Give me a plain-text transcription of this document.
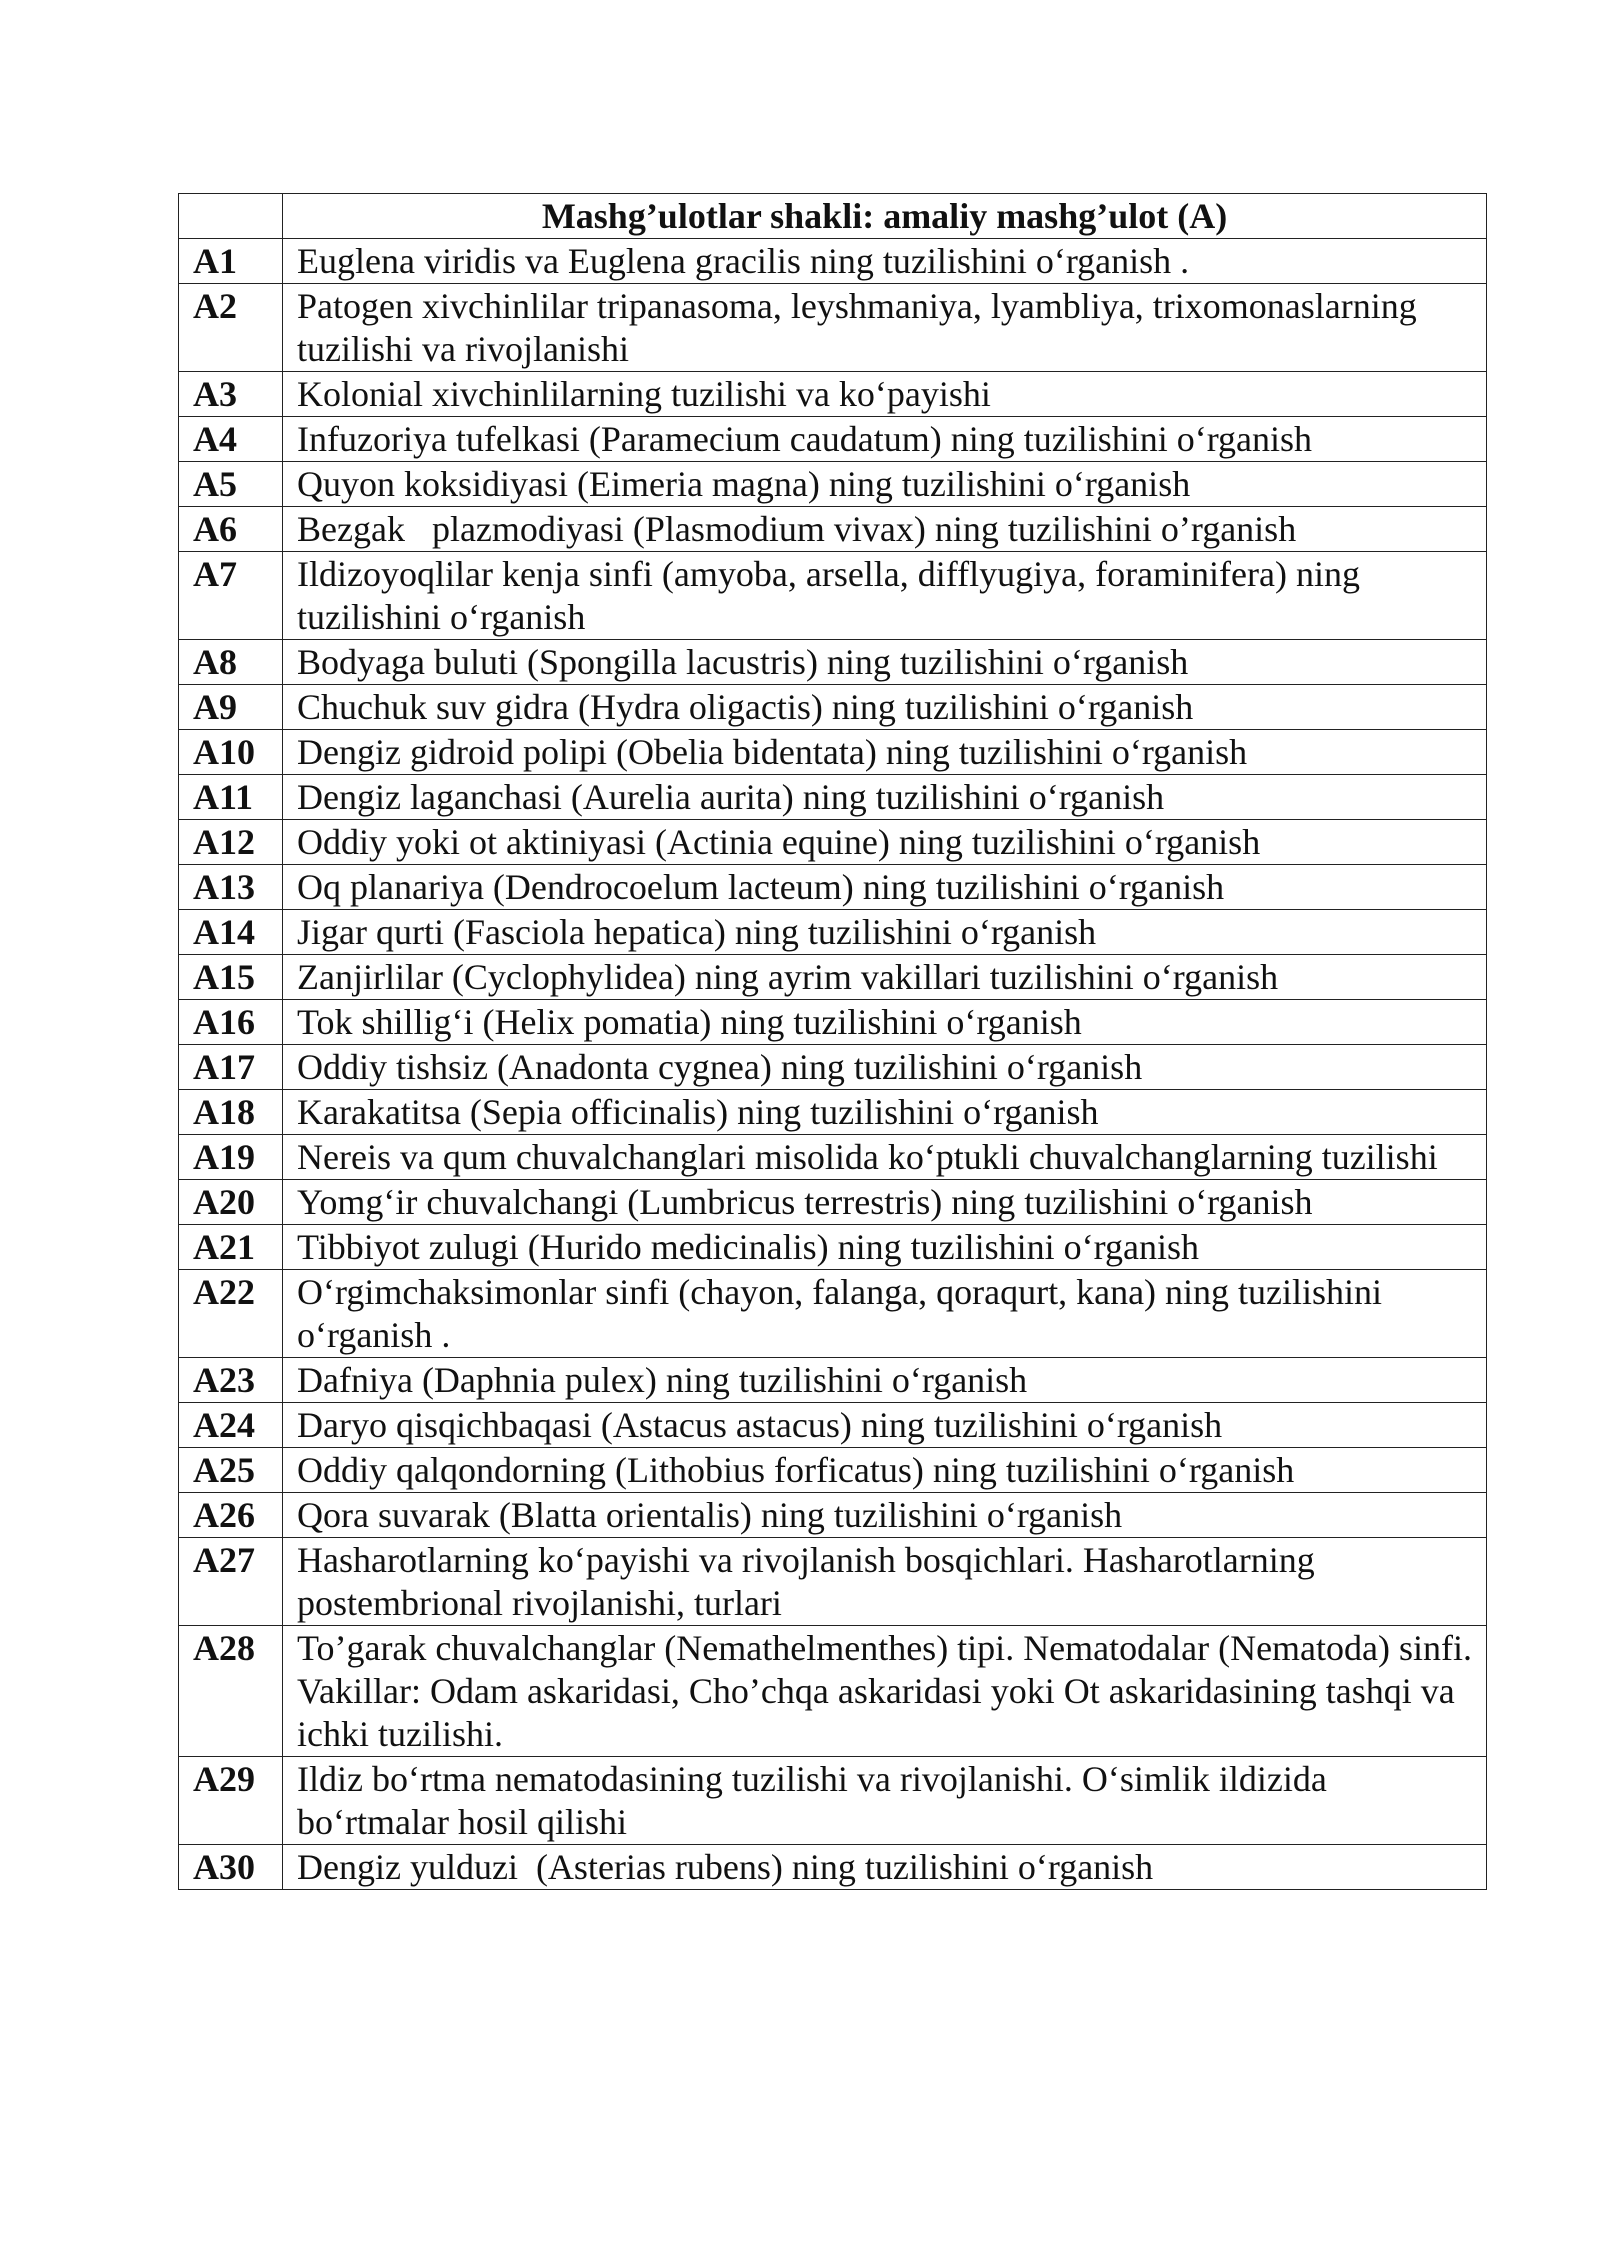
	Mashg’ulotlar shakli: amaliy mashg’ulot (A)
A1	Euglena viridis va Euglena gracilis ning tuzilishini o‘rganish .
A2	Patogen xivchinlilar tripanasoma, leyshmaniya, lyambliya, trixomonaslarning tuzilishi va rivojlanishi
A3	Kolonial xivchinlilarning tuzilishi va ko‘payishi
A4	Infuzoriya tufelkasi (Paramecium caudatum) ning tuzilishini o‘rganish
A5	Quyon koksidiyasi (Eimeria magna) ning tuzilishini o‘rganish
A6	Bezgak   plazmodiyasi (Plasmodium vivax) ning tuzilishini o’rganish
A7	Ildizoyoqlilar kenja sinfi (amyoba, arsella, difflyugiya, foraminifera) ning tuzilishini o‘rganish
A8	Bodyaga buluti (Spongilla lacustris) ning tuzilishini o‘rganish
A9	Chuchuk suv gidra (Hydra oligactis) ning tuzilishini o‘rganish
A10	Dengiz gidroid polipi (Obelia bidentata) ning tuzilishini o‘rganish
A11	Dengiz laganchasi (Aurelia aurita) ning tuzilishini o‘rganish
A12	Oddiy yoki ot aktiniyasi (Actinia equine) ning tuzilishini o‘rganish
A13	Oq planariya (Dendrocoelum lacteum) ning tuzilishini o‘rganish
A14	Jigar qurti (Fasciola hepatica) ning tuzilishini o‘rganish
A15	Zanjirlilar (Cyclophylidea) ning ayrim vakillari tuzilishini o‘rganish
A16	Tok shillig‘i (Helix pomatia) ning tuzilishini o‘rganish
A17	Oddiy tishsiz (Anadonta cygnea) ning tuzilishini o‘rganish
A18	Karakatitsa (Sepia officinalis) ning tuzilishini o‘rganish
A19	Nereis va qum chuvalchanglari misolida ko‘ptukli chuvalchanglarning tuzilishi
A20	Yomg‘ir chuvalchangi (Lumbricus terrestris) ning tuzilishini o‘rganish
A21	Tibbiyot zulugi (Hurido medicinalis) ning tuzilishini o‘rganish
A22	O‘rgimchaksimonlar sinfi (chayon, falanga, qoraqurt, kana) ning tuzilishini o‘rganish .
A23	Dafniya (Daphnia pulex) ning tuzilishini o‘rganish
A24	Daryo qisqichbaqasi (Astacus astacus) ning tuzilishini o‘rganish
A25	Oddiy qalqondorning (Lithobius forficatus) ning tuzilishini o‘rganish
A26	Qora suvarak (Blatta orientalis) ning tuzilishini o‘rganish
A27	Hasharotlarning ko‘payishi va rivojlanish bosqichlari. Hasharotlarning postembrional rivojlanishi, turlari
A28	To’garak chuvalchanglar (Nemathelmenthes) tipi. Nematodalar (Nematoda) sinfi. Vakillar: Odam askaridasi, Cho’chqa askaridasi yoki Ot askaridasining tashqi va ichki tuzilishi.
A29	Ildiz bo‘rtma nematodasining tuzilishi va rivojlanishi. O‘simlik ildizida bo‘rtmalar hosil qilishi
A30	Dengiz yulduzi  (Asterias rubens) ning tuzilishini o‘rganish
